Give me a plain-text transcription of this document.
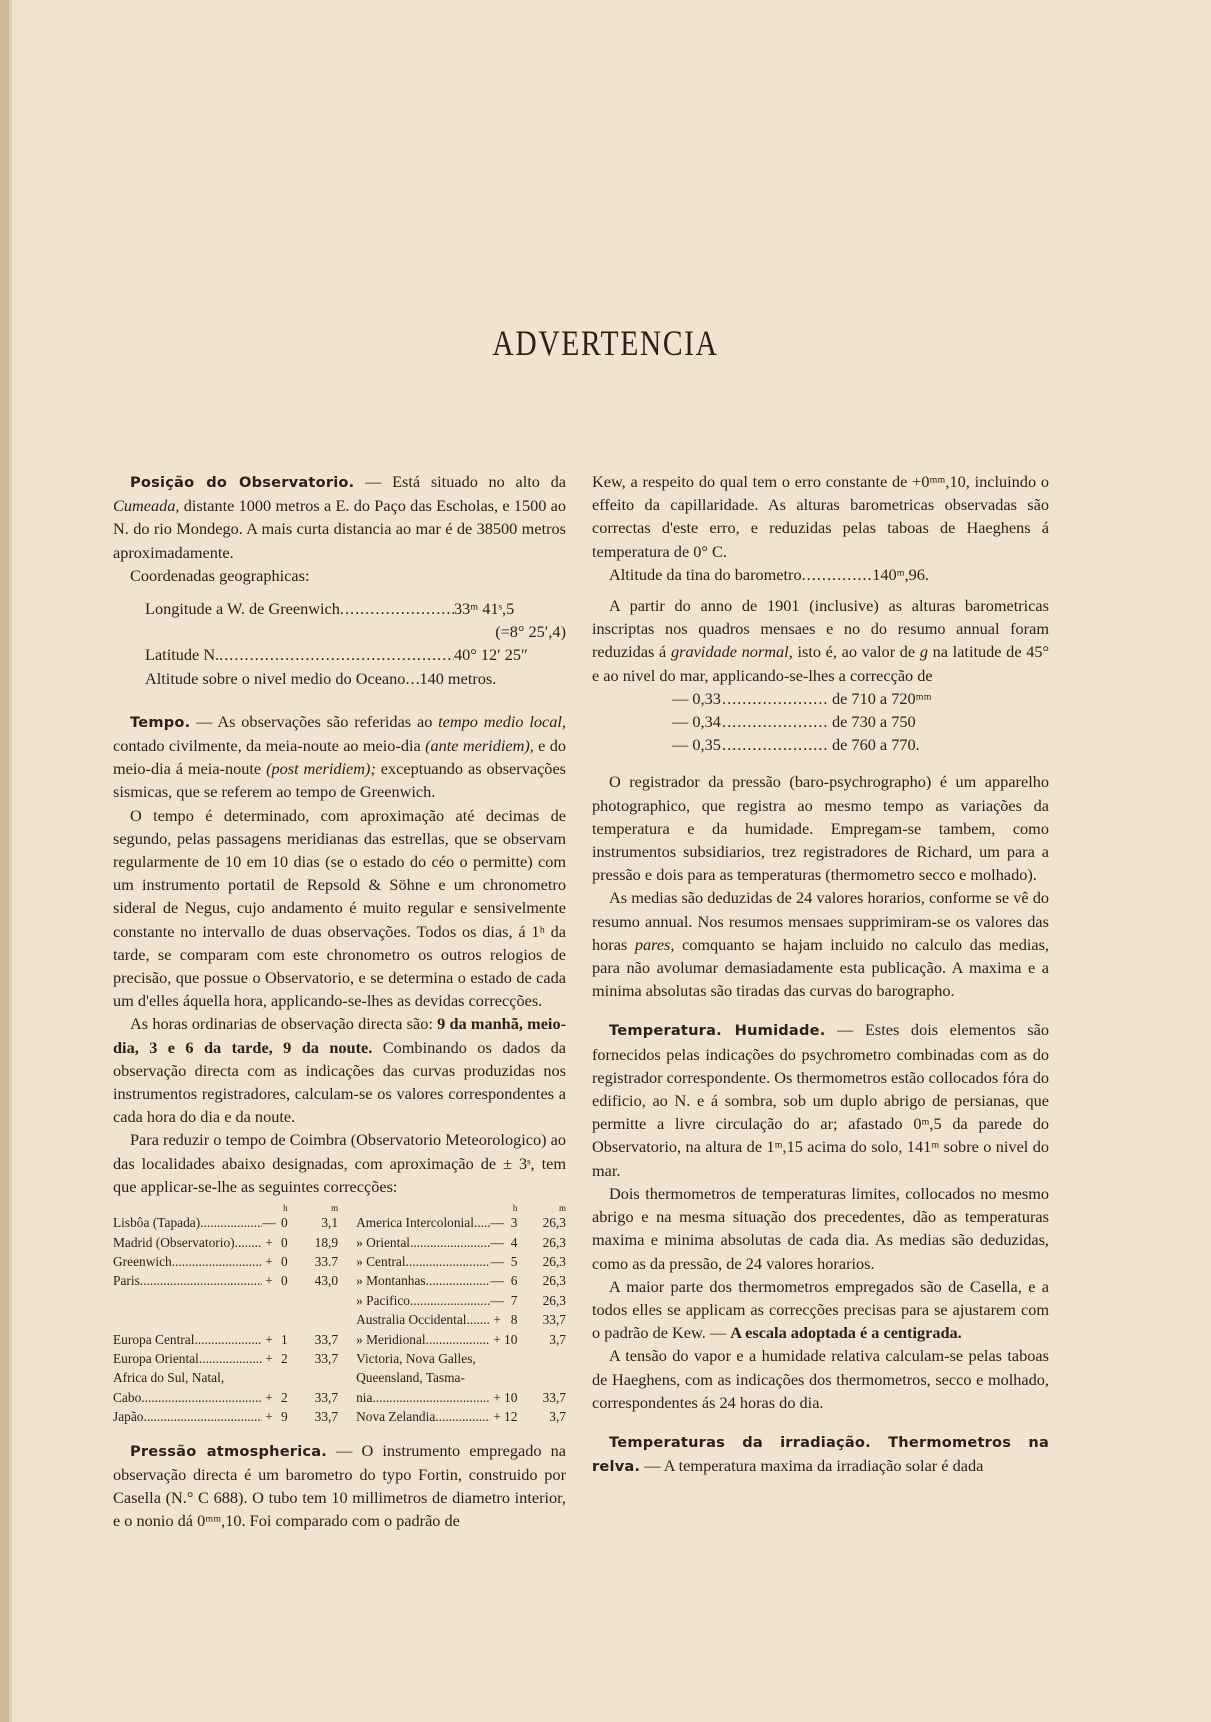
ADVERTENCIA

Posição do Observatorio. — Está situado no alto da Cumeada, distante 1000 metros a E. do Paço das Escholas, e 1500 ao N. do rio Mondego. A mais curta distancia ao mar é de 38500 metros aproximadamente.

Coordenadas geographicas:

Longitude a W. de Greenwich .....	33ᵐ 41ˢ,5
(=8° 25′,4)
Latitude N. .....	40° 12′ 25″
Altitude sobre o nivel medio do Oceano ..... 140 metros.

Tempo. — As observações são referidas ao tempo medio local, contado civilmente, da meia-noute ao meio-dia (ante meridiem), e do meio-dia á meia-noute (post meridiem); exceptuando as observações sismicas, que se referem ao tempo de Greenwich.

O tempo é determinado, com aproximação até decimas de segundo, pelas passagens meridianas das estrellas, que se observam regularmente de 10 em 10 dias (se o estado do céo o permitte) com um instrumento portatil de Repsold & Söhne e um chronometro sideral de Negus, cujo andamento é muito regular e sensivelmente constante no intervallo de duas observações. Todos os dias, á 1ʰ da tarde, se comparam com este chronometro os outros relogios de precisão, que possue o Observatorio, e se determina o estado de cada um d'elles áquella hora, applicando-se-lhes as devidas correcções.

As horas ordinarias de observação directa são: 9 da manhã, meio-dia, 3 e 6 da tarde, 9 da noute. Combinando os dados da observação directa com as indicações das curvas produzidas nos instrumentos registradores, calculam-se os valores correspondentes a cada hora do dia e da noute.

Para reduzir o tempo de Coimbra (Observatorio Meteorologico) ao das localidades abaixo designadas, com aproximação de ± 3ˢ, tem que applicar-se-lhe as seguintes correcções:

		h	m			h	m
Lisbôa (Tapada) .....	—	0	3,1	America Intercolonial .....	—	3	26,3
Madrid (Observatorio) .....	+	0	18,9	» Oriental .....	—	4	26,3
Greenwich .....	+	0	33.7	» Central .....	—	5	26,3
Paris .....	+	0	43,0	» Montanhas .....	—	6	26,3
				» Pacifico .....	—	7	26,3
				Australia Occidental .....	+	8	33,7
Europa Central .....	+	1	33,7	» Meridional .....	+	10	3,7
Europa Oriental .....	+	2	33,7	Victoria, Nova Galles,			
Africa do Sul, Natal,				Queensland, Tasma-			
Cabo .....	+	2	33,7	nia .....	+	10	33,7
Japão .....	+	9	33,7	Nova Zelandia .....	+	12	3,7

Pressão atmospherica. — O instrumento empregado na observação directa é um barometro do typo Fortin, construido por Casella (N.° C 688). O tubo tem 10 millimetros de diametro interior, e o nonio dá 0ᵐᵐ,10. Foi comparado com o padrão de

Kew, a respeito do qual tem o erro constante de +0ᵐᵐ,10, incluindo o effeito da capillaridade. As alturas barometricas observadas são correctas d'este erro, e reduzidas pelas taboas de Haeghens á temperatura de 0° C.

Altitude da tina do barometro .....	140ᵐ,96.

A partir do anno de 1901 (inclusive) as alturas barometricas inscriptas nos quadros mensaes e no do resumo annual foram reduzidas á gravidade normal, isto é, ao valor de g na latitude de 45° e ao nivel do mar, applicando-se-lhes a correcção de

— 0,33 .....	de 710 a 720ᵐᵐ
— 0,34 .....	de 730 a 750
— 0,35 .....	de 760 a 770.

O registrador da pressão (baro-psychrographo) é um apparelho photographico, que registra ao mesmo tempo as variações da temperatura e da humidade. Empregam-se tambem, como instrumentos subsidiarios, trez registradores de Richard, um para a pressão e dois para as temperaturas (thermometro secco e molhado).

As medias são deduzidas de 24 valores horarios, conforme se vê do resumo annual. Nos resumos mensaes supprimiram-se os valores das horas pares, comquanto se hajam incluido no calculo das medias, para não avolumar demasiadamente esta publicação. A maxima e a minima absolutas são tiradas das curvas do barographo.

Temperatura. Humidade. — Estes dois elementos são fornecidos pelas indicações do psychrometro combinadas com as do registrador correspondente. Os thermometros estão collocados fóra do edificio, ao N. e á sombra, sob um duplo abrigo de persianas, que permitte a livre circulação do ar; afastado 0ᵐ,5 da parede do Observatorio, na altura de 1ᵐ,15 acima do solo, 141ᵐ sobre o nivel do mar.

Dois thermometros de temperaturas limites, collocados no mesmo abrigo e na mesma situação dos precedentes, dão as temperaturas maxima e minima absolutas de cada dia. As medias são deduzidas, como as da pressão, de 24 valores horarios.

A maior parte dos thermometros empregados são de Casella, e a todos elles se applicam as correcções precisas para se ajustarem com o padrão de Kew. — A escala adoptada é a centigrada.

A tensão do vapor e a humidade relativa calculam-se pelas taboas de Haeghens, com as indicações dos thermometros, secco e molhado, correspondentes ás 24 horas do dia.

Temperaturas da irradiação. Thermometros na relva. — A temperatura maxima da irradiação solar é dada
